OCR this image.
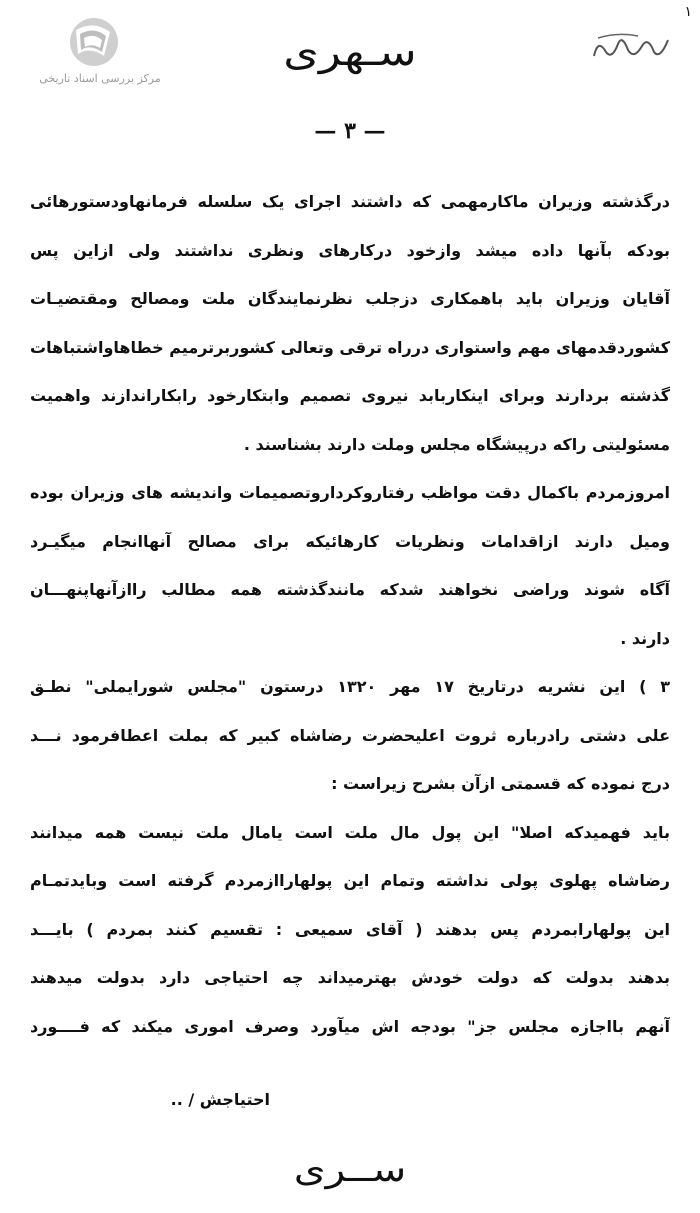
مرکز بررسی اسناد تاریخی
سـهری
۱
— ۳ —
درگذشته وزیران ماکارمهمی که داشتند اجرای یک سلسله فرمانهاودستورهائی
بودکه بآنها داده میشد وازخود درکارهای ونظری نداشتند ولی ازاین پس
آقایان وزیران باید باهمکاری دزجلب نظرنمایندگان ملت ومصالح ومقتضیـات
کشوردقدمهای مهم واستواری درراه ترقی وتعالی کشوربرترمیم خطاهاواشتباهات
گذشته بردارند وبرای اینکاربابد نیروی تصمیم وابتکارخود رابکاراندازند واهمیت
مسئولیتی راکه درپیشگاه مجلس وملت دارند بشناسند .
امروزمردم باکمال دقت مواظب رفتاروکرداروتصمیمات واندیشه های وزیران بوده
ومیل دارند ازاقدامات ونظریات کارهائیکه برای مصالح آنهاانجام میگیـرد
آگاه شوند وراضی نخواهند شدکه مانندگذشته همه مطالب راازآنهاپنهـــان
دارند .
۳ ) این نشریه درتاریخ ۱۷ مهر ۱۳۲۰ درستون "مجلس شورایملی" نطـق
علی دشتی رادرباره ثروت اعلیحضرت رضاشاه کبیر که بملت اعطافرمود نـــد
درج نموده که قسمتی ازآن بشرح زیراست :
باید فهمیدکه اصلا" این پول مال ملت است یامال ملت نیست همه میدانند
رضاشاه پهلوی پولی نداشته وتمام این پولهاراازمردم گرفته است وبایدتمـام
این پولهارابمردم پس بدهند ( آقای سمیعی : تقسیم کنند بمردم ) بایـــد
بدهند بدولت که دولت خودش بهترمیداند چه احتیاجی دارد بدولت میدهند
آنهم بااجازه مجلس جز" بودجه اش میآورد وصرف اموری میکند که فــــورد
احتیاجش / ..
ســری
